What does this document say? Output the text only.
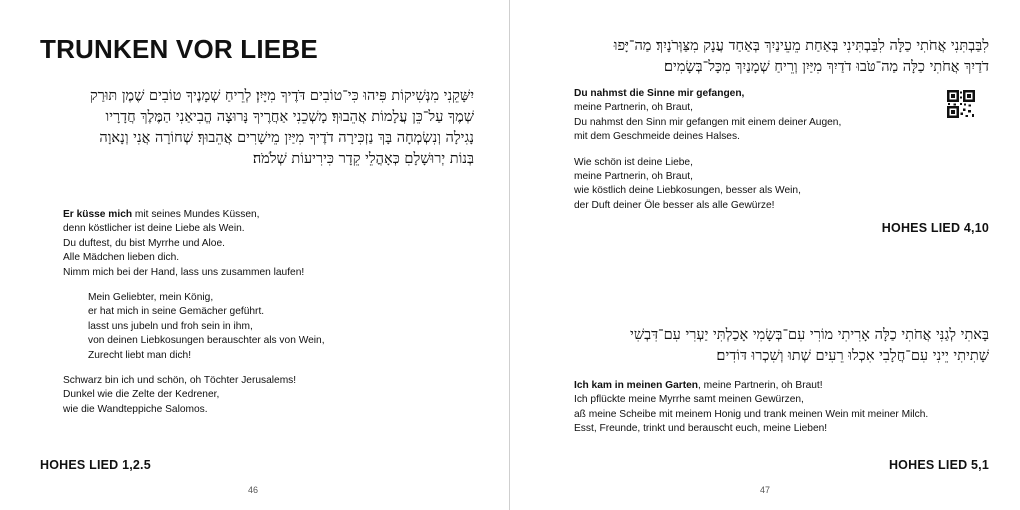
TRUNKEN VOR LIEBE
יִשָּׁקֵנִי מִנְּשִׁיקוֹת פִּיהוּ כִּי־טוֹבִים דֹּדֶיךָ מִיָּיִן׃ לְרֵיחַ שְׁמָנֶיךָ טוֹבִים שֶׁמֶן תּוּרַק
שְׁמֶךָ עַל־כֵּן עֲלָמוֹת אֲהֵבוּךָ׃ מָשְׁכֵנִי אַחֲרֶיךָ נָּרוּצָה הֱבִיאַנִי הַמֶּלֶךְ חֲדָרָיו
נָגִילָה וְנִשְׂמְחָה בָּךְ נַזְכִּירָה דֹדֶיךָ מִיַּיִן מֵישָׁרִים אֲהֵבוּךָ׃ שְׁחוֹרָה אֲנִי וְנָאוָה
בְּנוֹת יְרוּשָׁלָםִ כְּאָהֳלֵי קֵדָר כִּירִיעוֹת שְׁלֹמֹה׃
Er küsse mich mit seines Mundes Küssen,
denn köstlicher ist deine Liebe als Wein.
Du duftest, du bist Myrrhe und Aloe.
Alle Mädchen lieben dich.
Nimm mich bei der Hand, lass uns zusammen laufen!
Mein Geliebter, mein König,
er hat mich in seine Gemächer geführt.
lasst uns jubeln und froh sein in ihm,
von deinen Liebkosungen berauschter als von Wein,
Zurecht liebt man dich!
Schwarz bin ich und schön, oh Töchter Jerusalems!
Dunkel wie die Zelte der Kedrener,
wie die Wandteppiche Salomos.
HOHES LIED 1,2.5
46
לִבַּבְתִּנִי אֲחֹתִי כַלָּה לִבַּבְתִּינִי בְּאַחַת מֵעֵינַיִךְ בְּאַחַד עֲנָק מִצַּוְּרֹנָיִךְ׃ מַה־יָּפוּ
דֹדַיִךְ אֲחֹתִי כַלָּה מַה־טֹּבוּ דֹדַיִךְ מִיַּיִן וְרֵיחַ שְׁמָנַיִךְ מִכָּל־בְּשָׂמִים׃
Du nahmst die Sinne mir gefangen,
meine Partnerin, oh Braut,
Du nahmst den Sinn mir gefangen mit einem deiner Augen,
mit dem Geschmeide deines Halses.
Wie schön ist deine Liebe,
meine Partnerin, oh Braut,
wie köstlich deine Liebkosungen, besser als Wein,
der Duft deiner Öle besser als alle Gewürze!
HOHES LIED 4,10
בָּאתִי לְגַנִּי אֲחֹתִי כַלָּה אָרִיתִי מוֹרִי עִם־בְּשָׂמִי אָכַלְתִּי יַעְרִי עִם־דִּבְשִׁי
שָׁתִיתִי יֵינִי עִם־חֲלָבִי אִכְלוּ רֵעִים שְׁתוּ וְשִׁכְרוּ דּוֹדִים׃
Ich kam in meinen Garten, meine Partnerin, oh Braut!
Ich pflückte meine Myrrhe samt meinen Gewürzen,
aß meine Scheibe mit meinem Honig und trank meinen Wein mit meiner Milch.
Esst, Freunde, trinkt und berauscht euch, meine Lieben!
HOHES LIED 5,1
47
